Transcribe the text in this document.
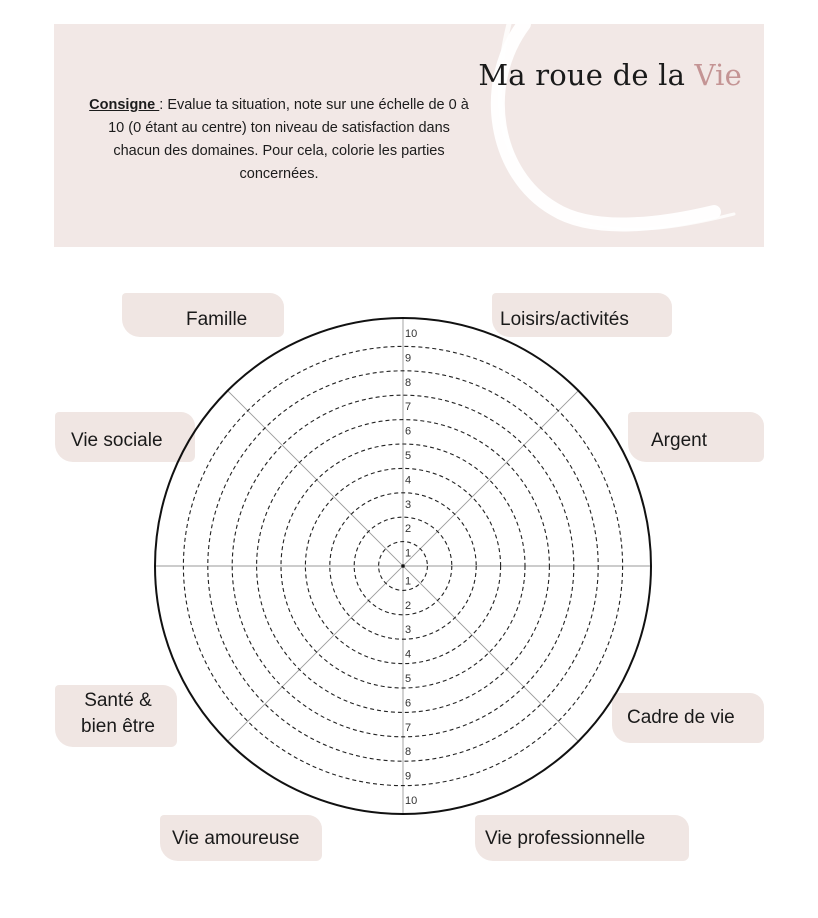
Ma roue de la Vie
Consigne : Evalue ta situation, note sur une échelle de 0 à 10 (0 étant au centre) ton niveau de satisfaction dans chacun des domaines. Pour cela, colorie les parties concernées.
1
2
3
4
5
6
7
8
9
10
1
2
3
4
5
6
7
8
9
10
Famille	Loisirs/activités
Vie sociale	Argent
Santé &
bien être	Cadre de vie
Vie amoureuse	Vie professionnelle
